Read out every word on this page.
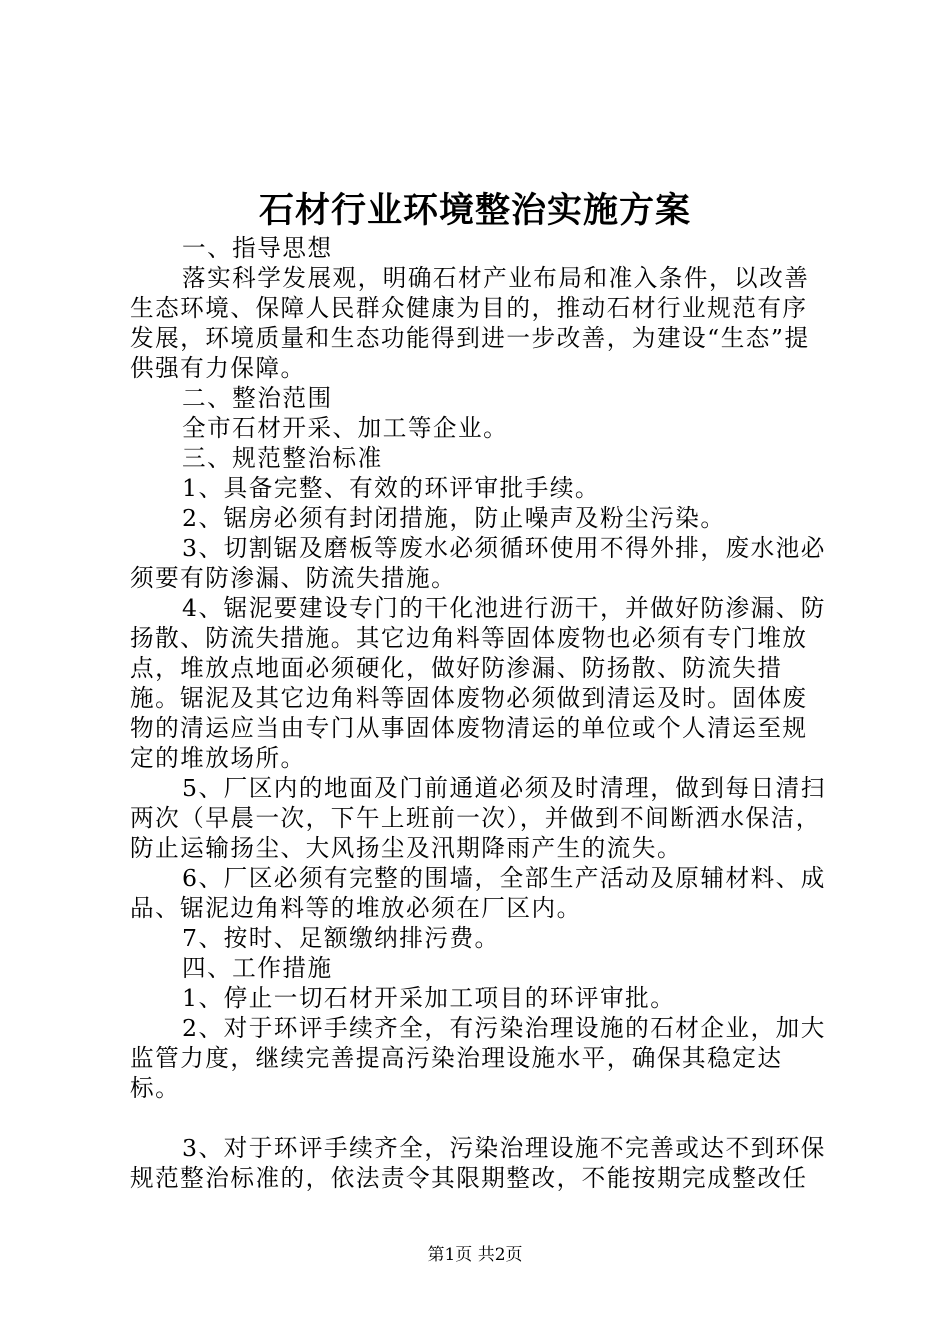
石材行业环境整治实施方案

一、指导思想

落实科学发展观，明确石材产业布局和准入条件，以改善生态环境、保障人民群众健康为目的，推动石材行业规范有序发展，环境质量和生态功能得到进一步改善，为建设“生态”提供强有力保障。

二、整治范围

全市石材开采、加工等企业。

三、规范整治标准

1、具备完整、有效的环评审批手续。

2、锯房必须有封闭措施，防止噪声及粉尘污染。

3、切割锯及磨板等废水必须循环使用不得外排，废水池必须要有防渗漏、防流失措施。

4、锯泥要建设专门的干化池进行沥干，并做好防渗漏、防扬散、防流失措施。其它边角料等固体废物也必须有专门堆放点，堆放点地面必须硬化，做好防渗漏、防扬散、防流失措施。锯泥及其它边角料等固体废物必须做到清运及时。固体废物的清运应当由专门从事固体废物清运的单位或个人清运至规定的堆放场所。

5、厂区内的地面及门前通道必须及时清理，做到每日清扫两次（早晨一次，下午上班前一次），并做到不间断洒水保洁，防止运输扬尘、大风扬尘及汛期降雨产生的流失。

6、厂区必须有完整的围墙，全部生产活动及原辅材料、成品、锯泥边角料等的堆放必须在厂区内。

7、按时、足额缴纳排污费。

四、工作措施

1、停止一切石材开采加工项目的环评审批。

2、对于环评手续齐全，有污染治理设施的石材企业，加大监管力度，继续完善提高污染治理设施水平，确保其稳定达标。

3、对于环评手续齐全，污染治理设施不完善或达不到环保规范整治标准的，依法责令其限期整改，不能按期完成整改任

第1页 共2页
